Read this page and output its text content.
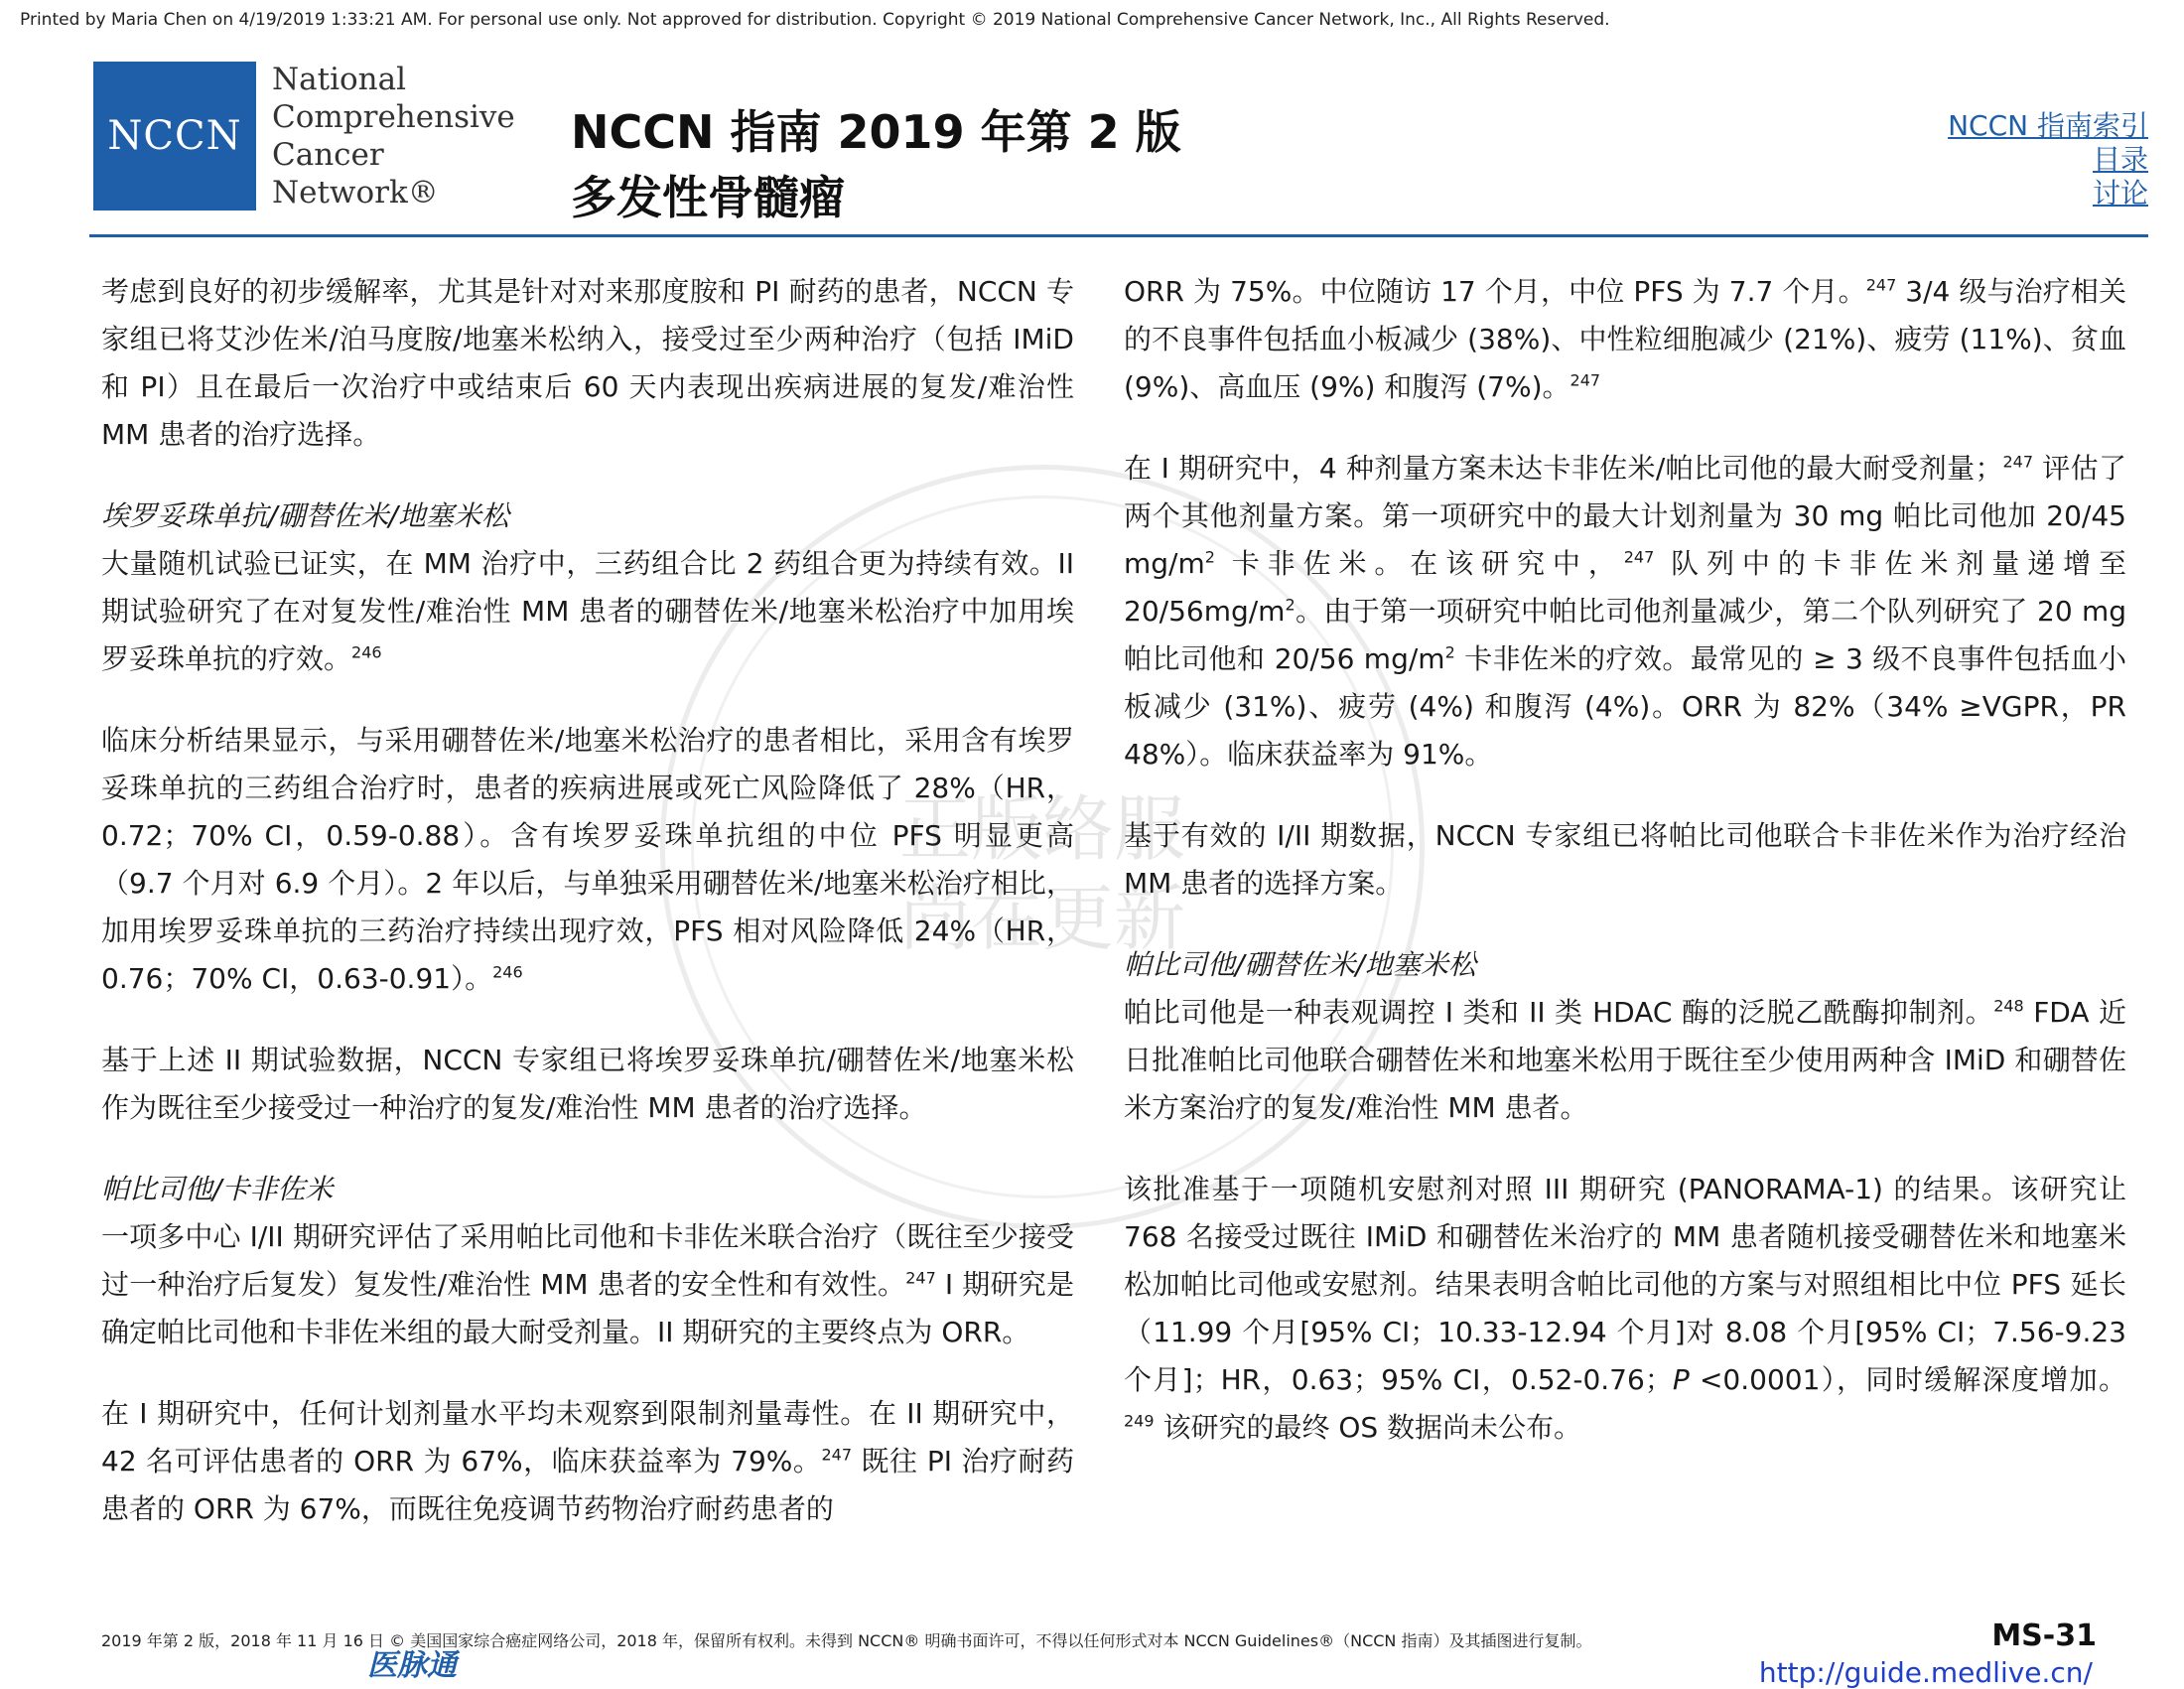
Printed by Maria Chen on 4/19/2019 1:33:21 AM. For personal use only. Not approved for distribution. Copyright © 2019 National Comprehensive Cancer Network, Inc., All Rights Reserved.
NCCN
National
Comprehensive
Cancer
Network®
NCCN 指南 2019 年第 2 版
多发性骨髓瘤
NCCN 指南索引
目录
讨论
正版络服
尚在更新

考虑到良好的初步缓解率，尤其是针对对来那度胺和 PI 耐药的患者，NCCN 专家组已将艾沙佐米/泊马度胺/地塞米松纳入，接受过至少两种治疗（包括 IMiD 和 PI）且在最后一次治疗中或结束后 60 天内表现出疾病进展的复发/难治性 MM 患者的治疗选择。

埃罗妥珠单抗/硼替佐米/地塞米松

大量随机试验已证实，在 MM 治疗中，三药组合比 2 药组合更为持续有效。II 期试验研究了在对复发性/难治性 MM 患者的硼替佐米/地塞米松治疗中加用埃罗妥珠单抗的疗效。$^{246}$

临床分析结果显示，与采用硼替佐米/地塞米松治疗的患者相比，采用含有埃罗妥珠单抗的三药组合治疗时，患者的疾病进展或死亡风险降低了 28%（HR，0.72；70% CI，0.59-0.88）。含有埃罗妥珠单抗组的中位 PFS 明显更高（9.7 个月对 6.9 个月）。2 年以后，与单独采用硼替佐米/地塞米松治疗相比，加用埃罗妥珠单抗的三药治疗持续出现疗效，PFS 相对风险降低 24%（HR，0.76；70% CI，0.63-0.91）。$^{246}$

基于上述 II 期试验数据，NCCN 专家组已将埃罗妥珠单抗/硼替佐米/地塞米松作为既往至少接受过一种治疗的复发/难治性 MM 患者的治疗选择。

帕比司他/卡非佐米

一项多中心 I/II 期研究评估了采用帕比司他和卡非佐米联合治疗（既往至少接受过一种治疗后复发）复发性/难治性 MM 患者的安全性和有效性。$^{247}$ I 期研究是确定帕比司他和卡非佐米组的最大耐受剂量。II 期研究的主要终点为 ORR。

在 I 期研究中，任何计划剂量水平均未观察到限制剂量毒性。在 II 期研究中，42 名可评估患者的 ORR 为 67%，临床获益率为 79%。$^{247}$ 既往 PI 治疗耐药患者的 ORR 为 67%，而既往免疫调节药物治疗耐药患者的

ORR 为 75%。中位随访 17 个月，中位 PFS 为 7.7 个月。$^{247}$ 3/4 级与治疗相关的不良事件包括血小板减少 (38%)、中性粒细胞减少 (21%)、疲劳 (11%)、贫血 (9%)、高血压 (9%) 和腹泻 (7%)。$^{247}$

在 I 期研究中，4 种剂量方案未达卡非佐米/帕比司他的最大耐受剂量；$^{247}$ 评估了两个其他剂量方案。第一项研究中的最大计划剂量为 30 mg 帕比司他加 20/45 $mg/m^2$ 卡非佐米。在该研究中，$^{247}$ 队列中的卡非佐米剂量递增至 $20/56mg/m^2$。由于第一项研究中帕比司他剂量减少，第二个队列研究了 20 mg 帕比司他和 20/56 $mg/m^2$ 卡非佐米的疗效。最常见的 ≥ 3 级不良事件包括血小板减少 (31%)、疲劳 (4%) 和腹泻 (4%)。ORR 为 82%（34% ≥VGPR，PR 48%）。临床获益率为 91%。

基于有效的 I/II 期数据，NCCN 专家组已将帕比司他联合卡非佐米作为治疗经治 MM 患者的选择方案。

帕比司他/硼替佐米/地塞米松

帕比司他是一种表观调控 I 类和 II 类 HDAC 酶的泛脱乙酰酶抑制剂。$^{248}$ FDA 近日批准帕比司他联合硼替佐米和地塞米松用于既往至少使用两种含 IMiD 和硼替佐米方案治疗的复发/难治性 MM 患者。

该批准基于一项随机安慰剂对照 III 期研究 (PANORAMA-1) 的结果。该研究让 768 名接受过既往 IMiD 和硼替佐米治疗的 MM 患者随机接受硼替佐米和地塞米松加帕比司他或安慰剂。结果表明含帕比司他的方案与对照组相比中位 PFS 延长（11.99 个月[95% CI；10.33-12.94 个月]对 8.08 个月[95% CI；7.56-9.23 个月]；HR，0.63；95% CI，0.52-0.76；P <0.0001），同时缓解深度增加。$^{249}$ 该研究的最终 OS 数据尚未公布。

2019 年第 2 版，2018 年 11 月 16 日 © 美国国家综合癌症网络公司，2018 年，保留所有权利。未得到 NCCN® 明确书面许可，不得以任何形式对本 NCCN Guidelines®（NCCN 指南）及其插图进行复制。
医脉通
MS-31
http://guide.medlive.cn/
